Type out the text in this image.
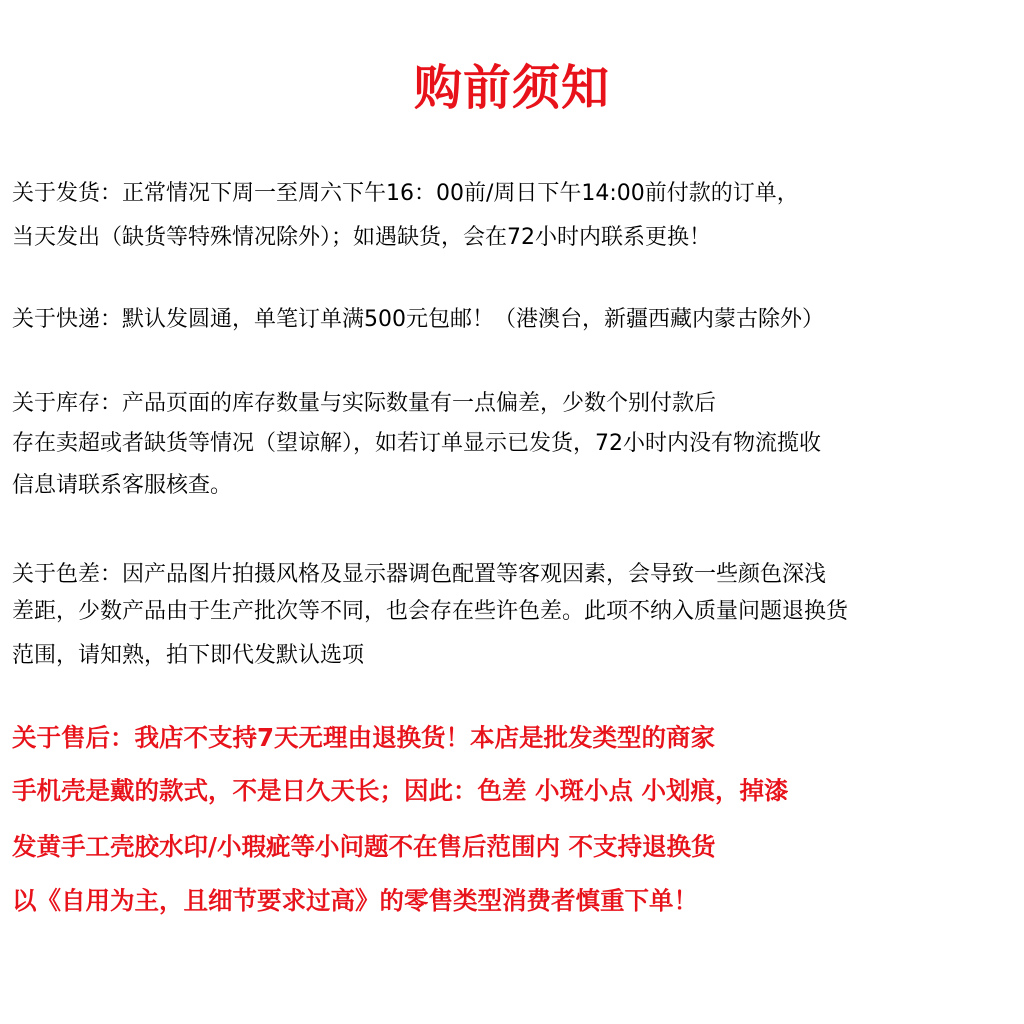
购前须知
关于发货：正常情况下周一至周六下午16：00前/周日下午14:00前付款的订单，
当天发出（缺货等特殊情况除外）；如遇缺货，会在72小时内联系更换！
关于快递：默认发圆通，单笔订单满500元包邮！（港澳台，新疆西藏内蒙古除外）
关于库存：产品页面的库存数量与实际数量有一点偏差，少数个别付款后
存在卖超或者缺货等情况（望谅解），如若订单显示已发货，72小时内没有物流揽收
信息请联系客服核查。
关于色差：因产品图片拍摄风格及显示器调色配置等客观因素，会导致一些颜色深浅
差距，少数产品由于生产批次等不同，也会存在些许色差。此项不纳入质量问题退换货
范围，请知熟，拍下即代发默认选项
关于售后：我店不支持7天无理由退换货！本店是批发类型的商家
手机壳是戴的款式，不是日久天长；因此：色差 小斑小点 小划痕，掉漆
发黄手工壳胶水印/小瑕疵等小问题不在售后范围内 不支持退换货
以《自用为主，且细节要求过高》的零售类型消费者慎重下单！
